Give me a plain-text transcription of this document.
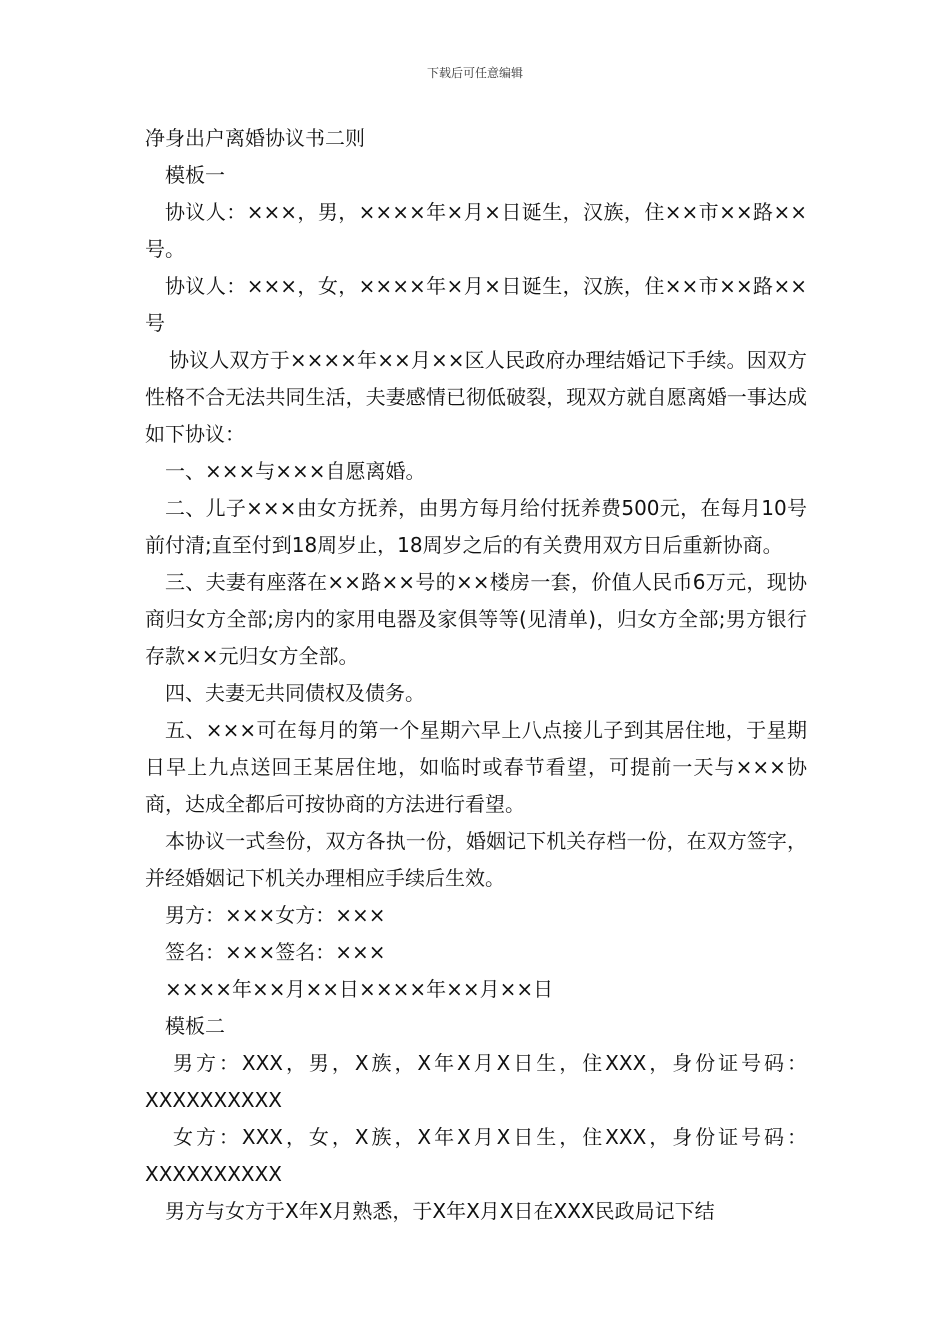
下载后可任意编辑

净身出户离婚协议书二则

模板一

协议人：×××，男，××××年×月×日诞生，汉族，住××市××路××号。

协议人：×××，女，××××年×月×日诞生，汉族，住××市××路××号

协议人双方于××××年××月××区人民政府办理结婚记下手续。因双方性格不合无法共同生活，夫妻感情已彻低破裂，现双方就自愿离婚一事达成如下协议：

一、×××与×××自愿离婚。

二、儿子×××由女方抚养，由男方每月给付抚养费500元，在每月10号前付清;直至付到18周岁止，18周岁之后的有关费用双方日后重新协商。

三、夫妻有座落在××路××号的××楼房一套，价值人民币6万元，现协商归女方全部;房内的家用电器及家俱等等(见清单)，归女方全部;男方银行存款××元归女方全部。

四、夫妻无共同债权及债务。

五、×××可在每月的第一个星期六早上八点接儿子到其居住地，于星期日早上九点送回王某居住地，如临时或春节看望，可提前一天与×××协商，达成全都后可按协商的方法进行看望。

本协议一式叁份，双方各执一份，婚姻记下机关存档一份，在双方签字，并经婚姻记下机关办理相应手续后生效。

男方：×××女方：×××

签名：×××签名：×××

××××年××月××日××××年××月××日

模板二

男方：XXX，男，X族，X年X月X日生，住XXX，身份证号码：XXXXXXXXXX

女方：XXX，女，X族，X年X月X日生，住XXX，身份证号码：XXXXXXXXXX

男方与女方于X年X月熟悉，于X年X月X日在XXX民政局记下结
